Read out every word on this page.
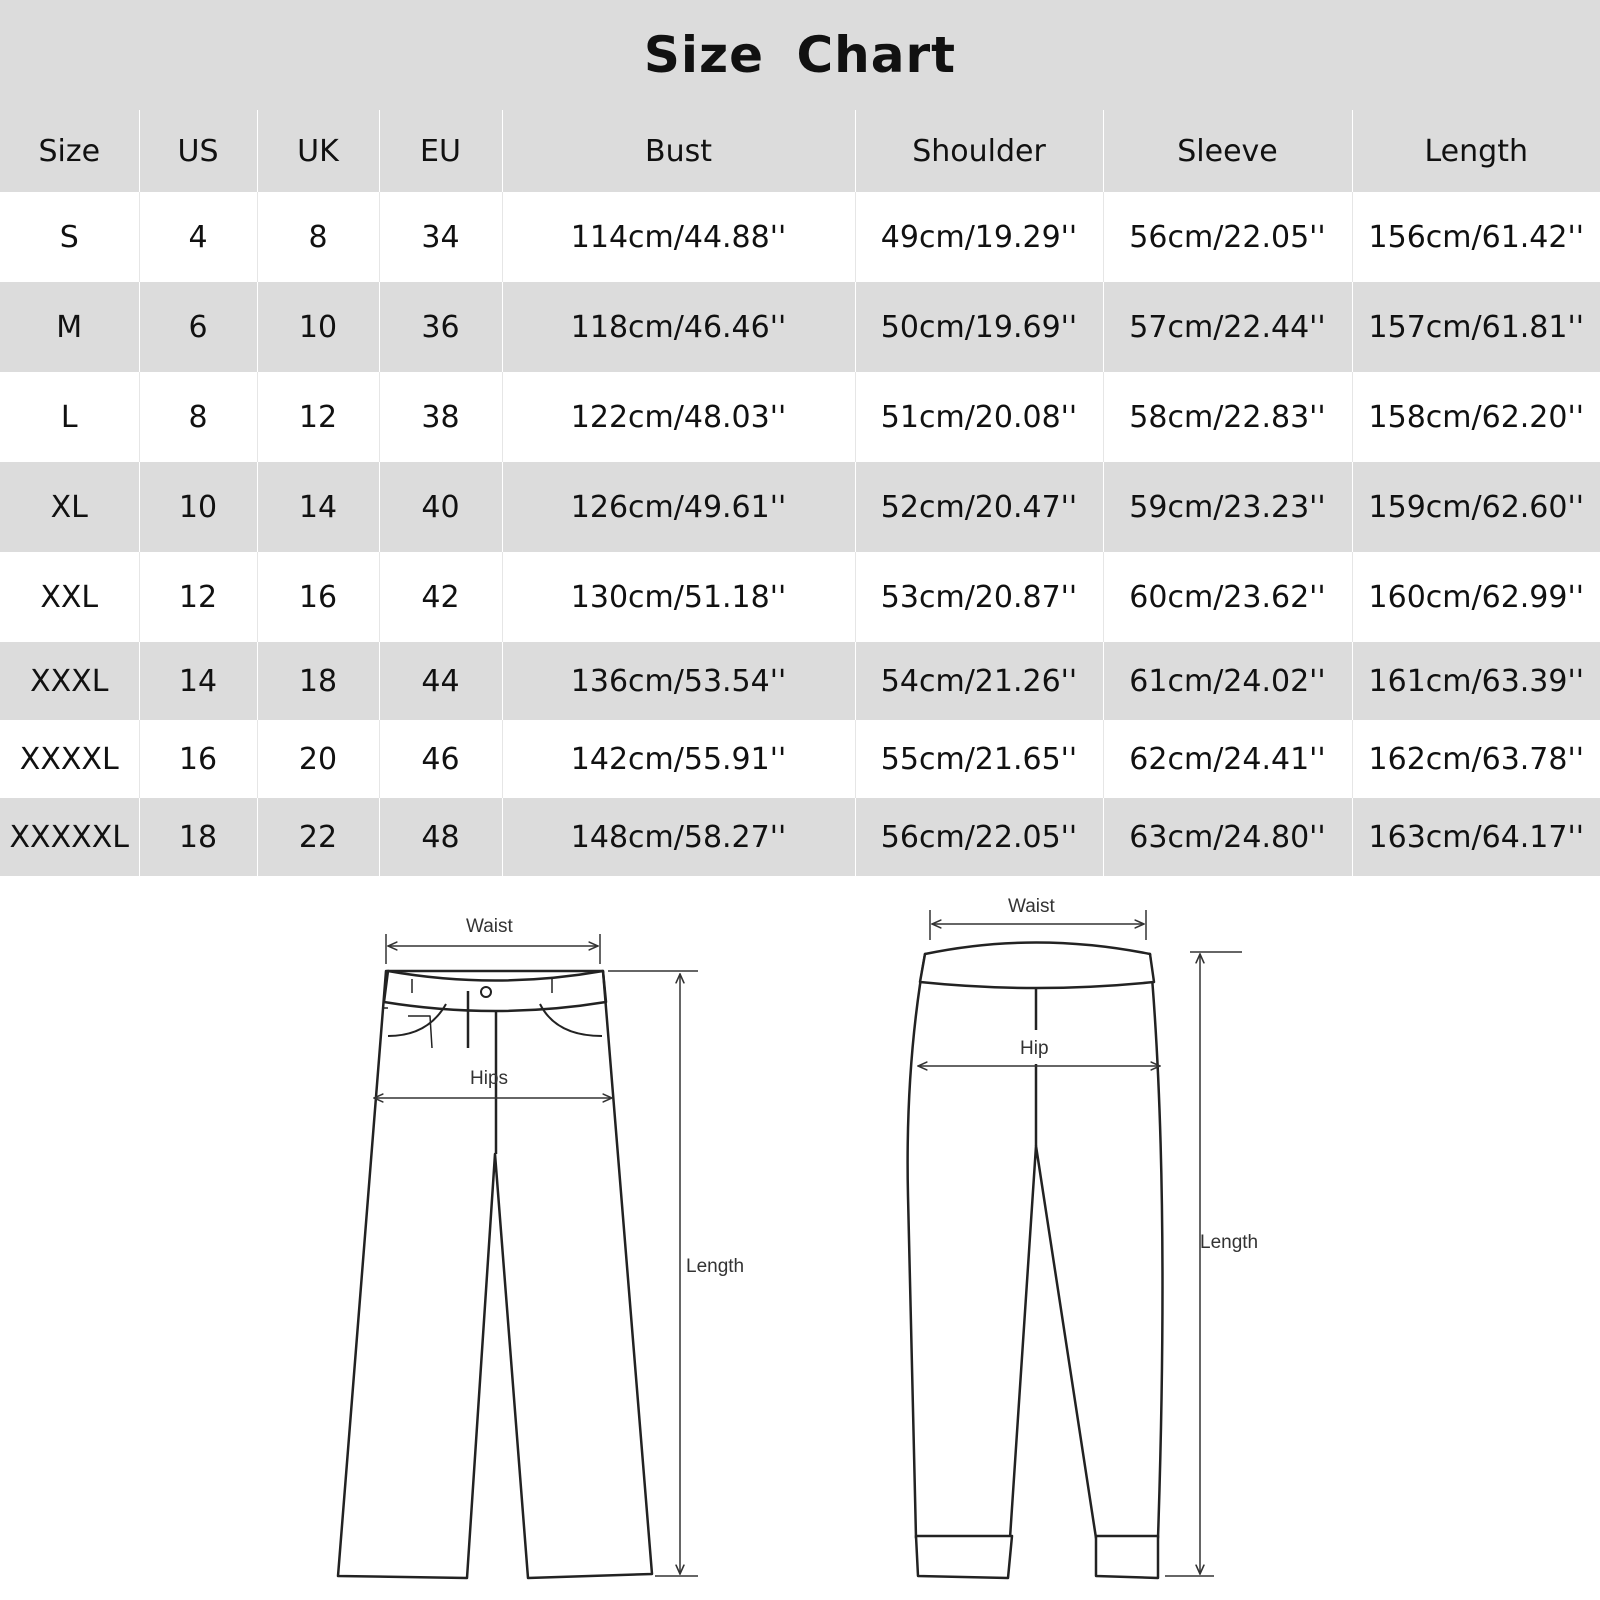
Size Chart
Size	US	UK	EU	Bust	Shoulder	Sleeve	Length
S	4	8	34	114cm/44.88''	49cm/19.29''	56cm/22.05''	156cm/61.42''
M	6	10	36	118cm/46.46''	50cm/19.69''	57cm/22.44''	157cm/61.81''
L	8	12	38	122cm/48.03''	51cm/20.08''	58cm/22.83''	158cm/62.20''
XL	10	14	40	126cm/49.61''	52cm/20.47''	59cm/23.23''	159cm/62.60''
XXL	12	16	42	130cm/51.18''	53cm/20.87''	60cm/23.62''	160cm/62.99''
XXXL	14	18	44	136cm/53.54''	54cm/21.26''	61cm/24.02''	161cm/63.39''
XXXXL	16	20	46	142cm/55.91''	55cm/21.65''	62cm/24.41''	162cm/63.78''
XXXXXL	18	22	48	148cm/58.27''	56cm/22.05''	63cm/24.80''	163cm/64.17''
Waist
Hips
Length
Waist
Hip
Length
